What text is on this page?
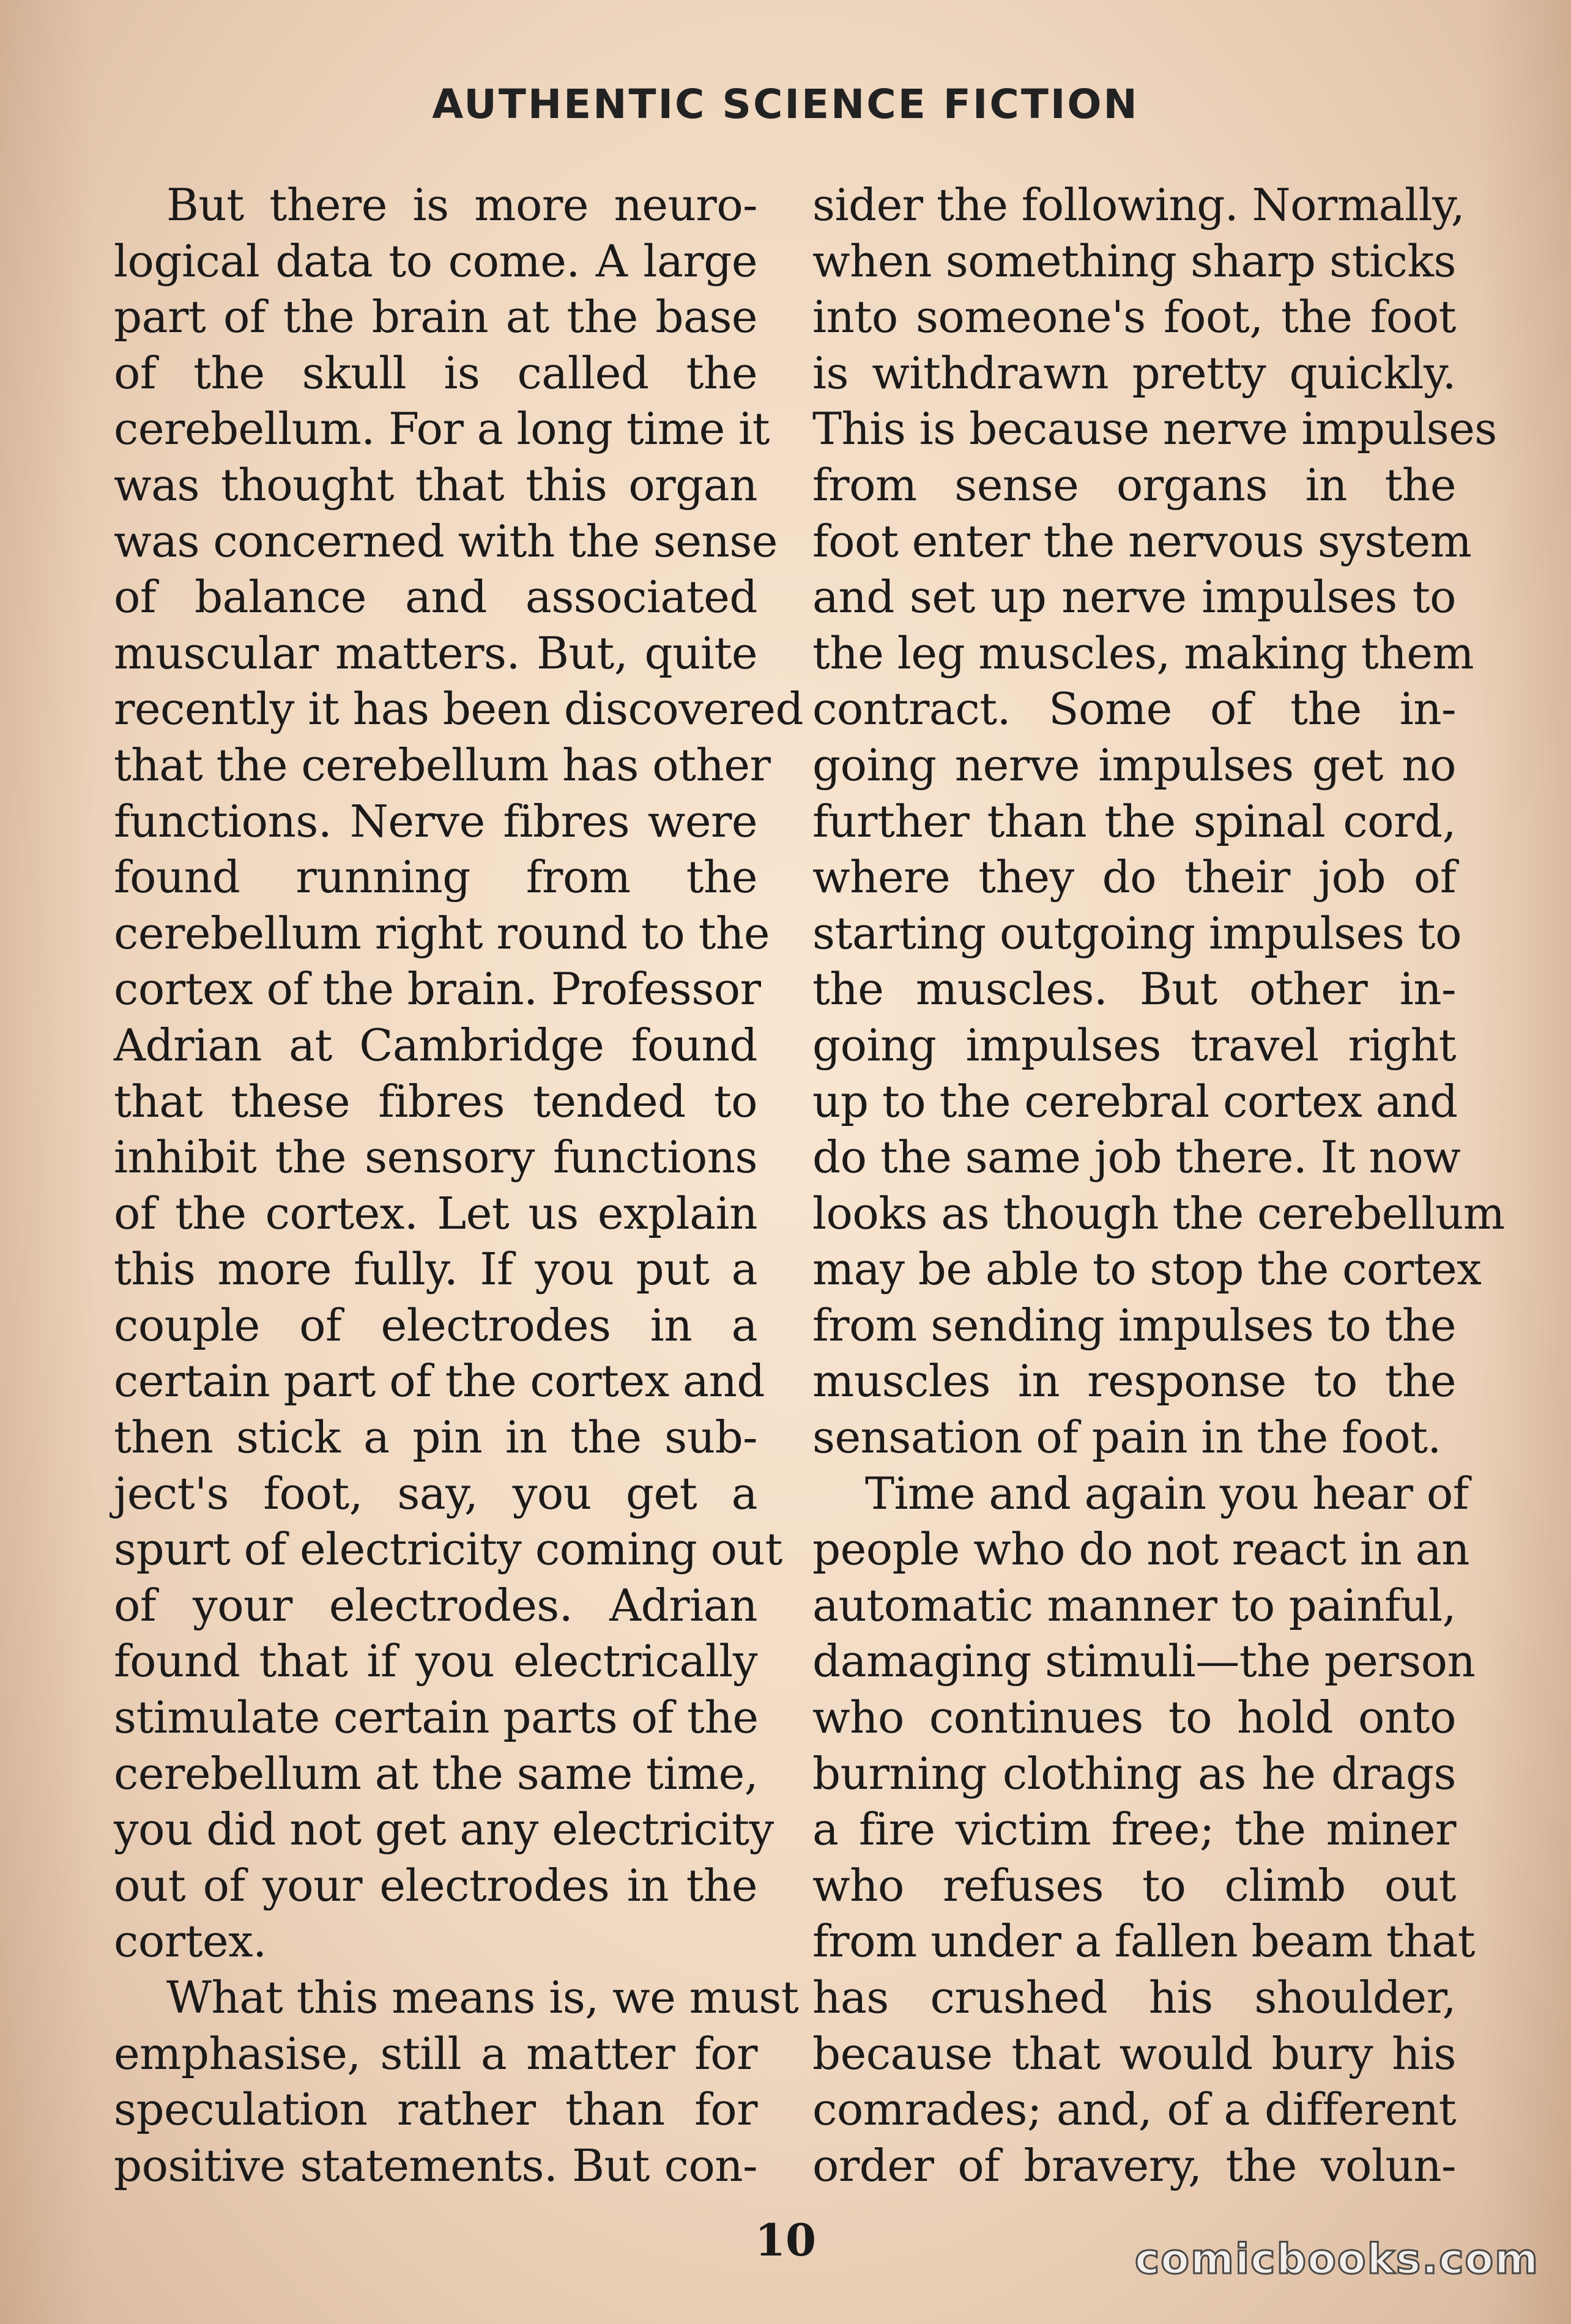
AUTHENTIC SCIENCE FICTION
But there is more neuro-
logical data to come. A large
part of the brain at the base
of the skull is called the
cerebellum. For a long time it
was thought that this organ
was concerned with the sense
of balance and associated
muscular matters. But, quite
recently it has been discovered
that the cerebellum has other
functions. Nerve fibres were
found running from the
cerebellum right round to the
cortex of the brain. Professor
Adrian at Cambridge found
that these fibres tended to
inhibit the sensory functions
of the cortex. Let us explain
this more fully. If you put a
couple of electrodes in a
certain part of the cortex and
then stick a pin in the sub-
ject's foot, say, you get a
spurt of electricity coming out
of your electrodes. Adrian
found that if you electrically
stimulate certain parts of the
cerebellum at the same time,
you did not get any electricity
out of your electrodes in the
cortex.
What this means is, we must
emphasise, still a matter for
speculation rather than for
positive statements. But con-
sider the following. Normally,
when something sharp sticks
into someone's foot, the foot
is withdrawn pretty quickly.
This is because nerve impulses
from sense organs in the
foot enter the nervous system
and set up nerve impulses to
the leg muscles, making them
contract. Some of the in-
going nerve impulses get no
further than the spinal cord,
where they do their job of
starting outgoing impulses to
the muscles. But other in-
going impulses travel right
up to the cerebral cortex and
do the same job there. It now
looks as though the cerebellum
may be able to stop the cortex
from sending impulses to the
muscles in response to the
sensation of pain in the foot.
Time and again you hear of
people who do not react in an
automatic manner to painful,
damaging stimuli—the person
who continues to hold onto
burning clothing as he drags
a fire victim free; the miner
who refuses to climb out
from under a fallen beam that
has crushed his shoulder,
because that would bury his
comrades; and, of a different
order of bravery, the volun-
10	comicbooks.com
